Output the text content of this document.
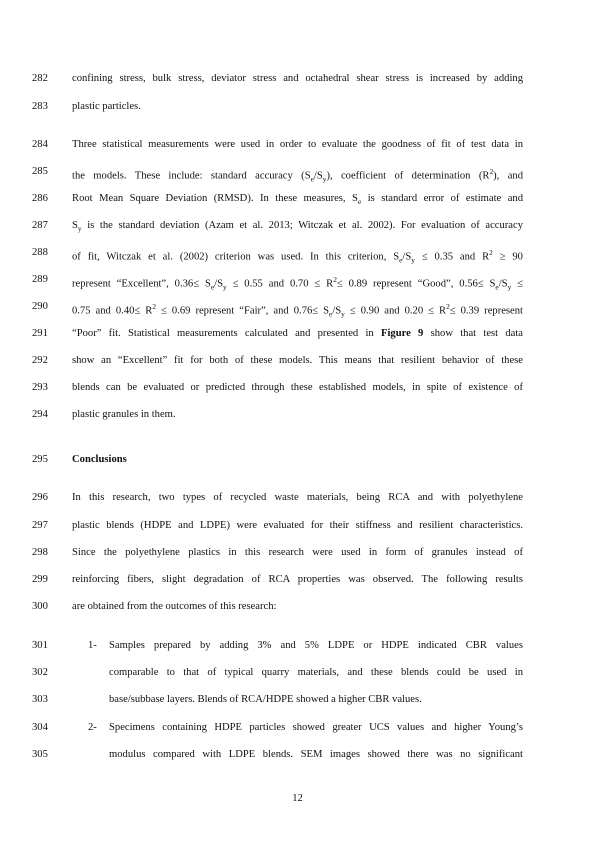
282	confining stress, bulk stress, deviator stress and octahedral shear stress is increased by adding
283	plastic particles.
284	Three statistical measurements were used in order to evaluate the goodness of fit of test data in
285	the models. These include: standard accuracy $(S_e/S_y)$, coefficient of determination $(R^2)$, and
286	Root Mean Square Deviation (RMSD). In these measures, $S_e$ is standard error of estimate and
287	$S_y$ is the standard deviation (Azam et al. 2013; Witczak et al. 2002). For evaluation of accuracy
288	of fit, Witczak et al. (2002) criterion was used. In this criterion, $S_e/S_y \le 0.35$ and $R^2 \ge 90$
289	represent “Excellent”, $0.36\le S_e/S_y \le 0.55$ and $0.70 \le R^2\le 0.89$ represent “Good”, $0.56\le S_e/S_y$ ≤
290	0.75 and $0.40\le R^2 \le 0.69$ represent “Fair”, and $0.76\le S_e/S_y \le 0.90$ and $0.20 \le R^2\le 0.39$ represent
291	“Poor” fit. Statistical measurements calculated and presented in Figure 9 show that test data
292	show an “Excellent” fit for both of these models. This means that resilient behavior of these
293	blends can be evaluated or predicted through these established models, in spite of existence of
294	plastic granules in them.
295	Conclusions
296	In this research, two types of recycled waste materials, being RCA and with polyethylene
297	plastic blends (HDPE and LDPE) were evaluated for their stiffness and resilient characteristics.
298	Since the polyethylene plastics in this research were used in form of granules instead of
299	reinforcing fibers, slight degradation of RCA properties was observed. The following results
300	are obtained from the outcomes of this research:
301	1- Samples prepared by adding 3% and 5% LDPE or HDPE indicated CBR values
302	comparable to that of typical quarry materials, and these blends could be used in
303	base/subbase layers. Blends of RCA/HDPE showed a higher CBR values.
304	2- Specimens containing HDPE particles showed greater UCS values and higher Young’s
305	modulus compared with LDPE blends. SEM images showed there was no significant
12
